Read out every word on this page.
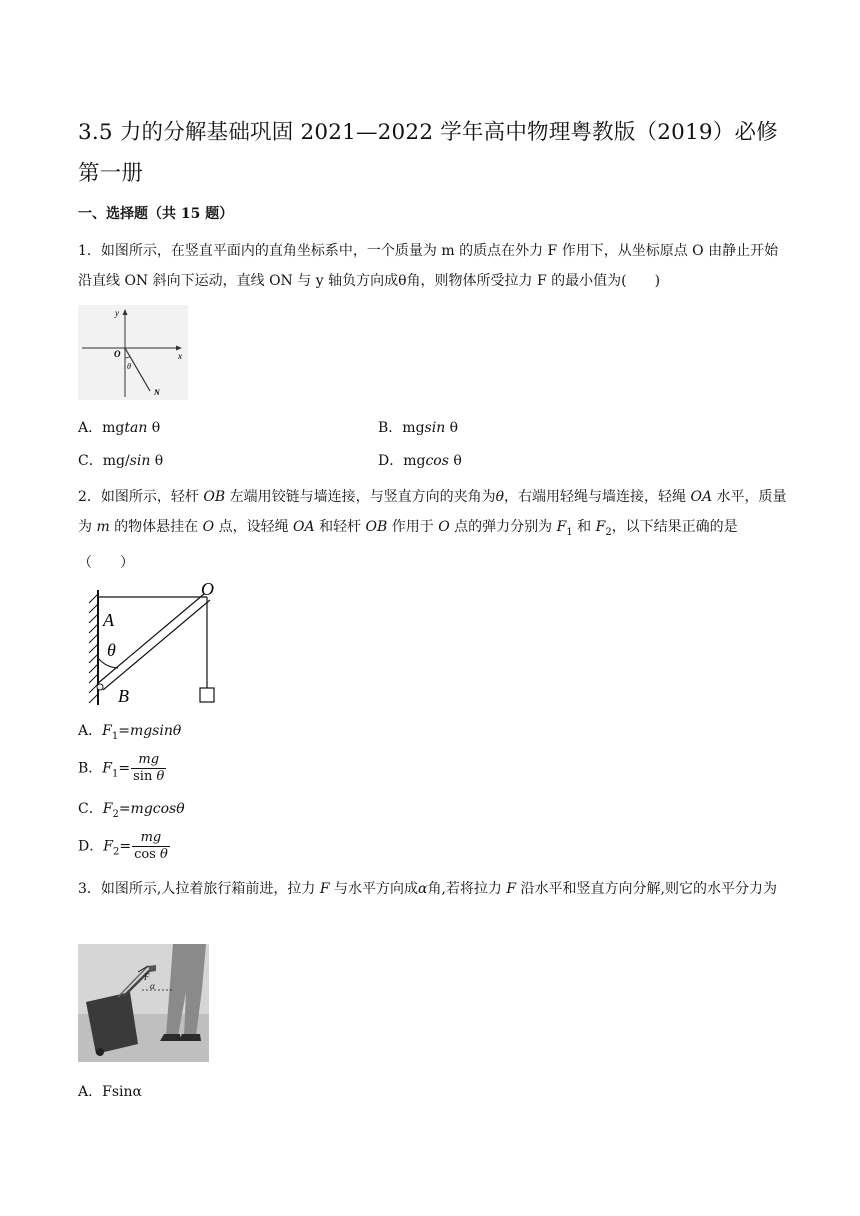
3.5 力的分解基础巩固 2021—2022 学年高中物理粤教版（2019）必修第一册
一、选择题（共 15 题）
1．如图所示，在竖直平面内的直角坐标系中，一个质量为 m 的质点在外力 F 作用下，从坐标原点 O 由静止开始沿直线 ON 斜向下运动，直线 ON 与 y 轴负方向成θ角，则物体所受拉力 F 的最小值为(　　)
y
x
O
θ
N
A．mgtan θ	B．mgsin θ
C．mg/sin θ	D．mgcos θ
2．如图所示，轻杆 OB 左端用铰链与墙连接，与竖直方向的夹角为θ，右端用轻绳与墙连接，轻绳 OA 水平，质量为 m 的物体悬挂在 O 点，设轻绳 OA 和轻杆 OB 作用于 O 点的弹力分别为 $F_1$ 和 $F_2$，以下结果正确的是
（　　）
O
A
θ
B
A．$F_1=mgsin\theta$
B．$F_1= \frac{mg}{\text{sin θ}}$
C．$F_2=mgcos\theta$
D．$F_2= \frac{mg}{\text{cos θ}}$
3．如图所示,人拉着旅行箱前进，拉力 F 与水平方向成α角,若将拉力 F 沿水平和竖直方向分解,则它的水平分力为
F
α
A．Fsinα
